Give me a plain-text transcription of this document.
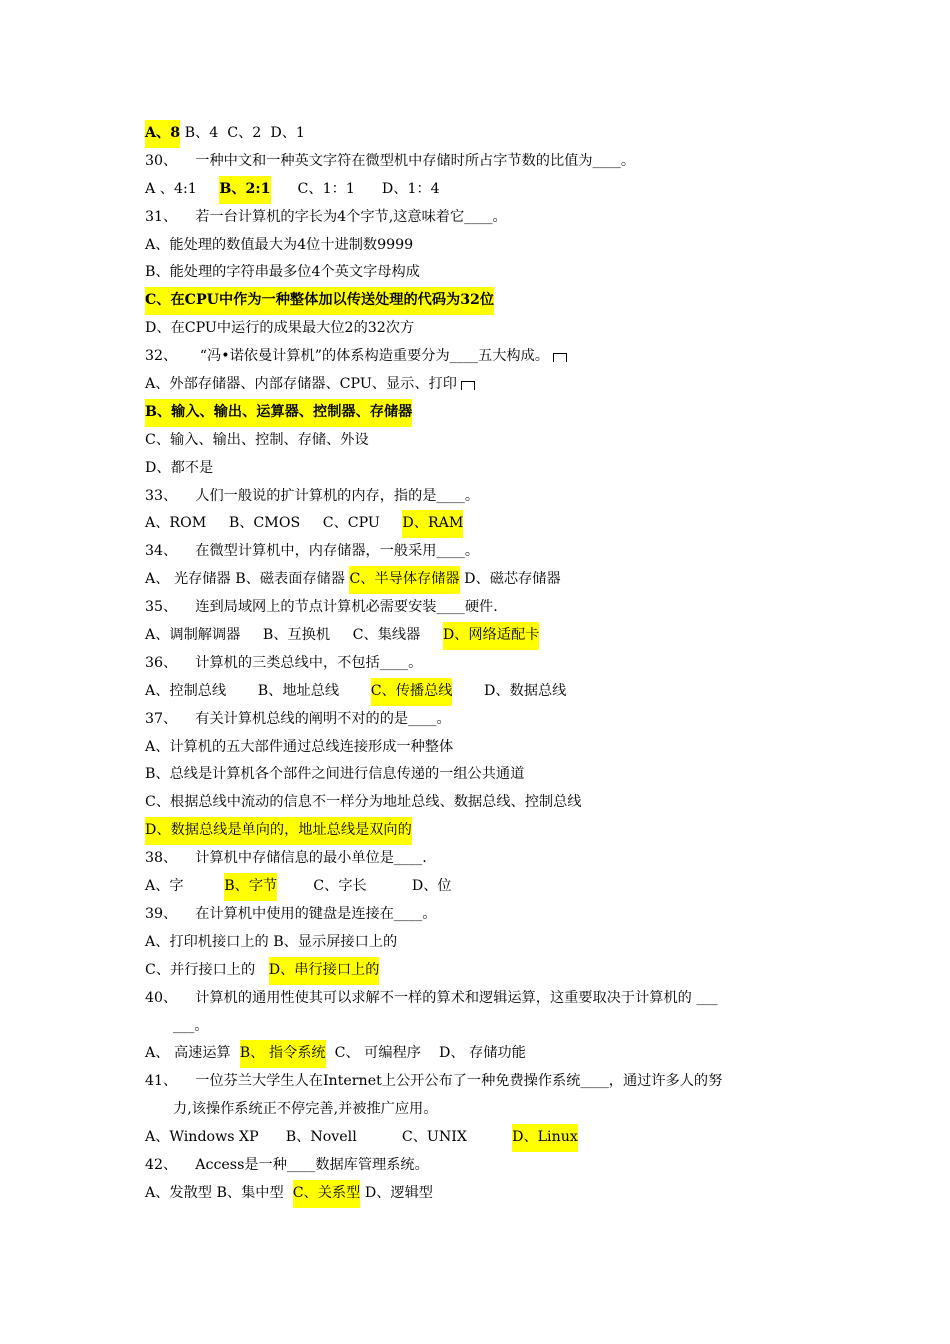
A、8 B、4  C、2  D、1
30、 一种中文和一种英文字符在微型机中存储时所占字节数的比值为____。
A 、4:1     B、2:1      C、1：1      D、1：4
31、 若一台计算机的字长为4个字节,这意味着它____。
A、能处理的数值最大为4位十进制数9999
B、能处理的字符串最多位4个英文字母构成
C、在CPU中作为一种整体加以传送处理的代码为32位
D、在CPU中运行的成果最大位2的32次方
32、 “冯•诺依曼计算机”的体系构造重要分为____五大构成。
A、外部存储器、内部存储器、CPU、显示、打印
B、输入、输出、运算器、控制器、存储器
C、输入、输出、控制、存储、外设
D、都不是
33、 人们一般说的扩计算机的内存，指的是____。
A、ROM     B、CMOS     C、CPU     D、RAM
34、 在微型计算机中，内存储器，一般采用____。
A、 光存储器 B、磁表面存储器 C、半导体存储器 D、磁芯存储器
35、 连到局域网上的节点计算机必需要安装____硬件.
A、调制解调器     B、互换机     C、集线器     D、网络适配卡
36、 计算机的三类总线中，不包括____。
A、控制总线       B、地址总线       C、传播总线       D、数据总线
37、 有关计算机总线的阐明不对的的是____。
A、计算机的五大部件通过总线连接形成一种整体
B、总线是计算机各个部件之间进行信息传递的一组公共通道
C、根据总线中流动的信息不一样分为地址总线、数据总线、控制总线
D、数据总线是单向的，地址总线是双向的
38、 计算机中存储信息的最小单位是____.
A、字         B、字节        C、字长          D、位
39、 在计算机中使用的键盘是连接在____。
A、打印机接口上的 B、显示屏接口上的
C、并行接口上的   D、串行接口上的
40、 计算机的通用性使其可以求解不一样的算术和逻辑运算，这重要取决于计算机的 ___
___。
A、 高速运算  B、 指令系统  C、 可编程序    D、 存储功能
41、 一位芬兰大学生人在Internet上公开公布了一种免费操作系统____，通过许多人的努
力,该操作系统正不停完善,并被推广应用。
A、Windows XP      B、Novell          C、UNIX          D、Linux
42、 Access是一种____数据库管理系统。
A、发散型 B、集中型  C、关系型 D、逻辑型
